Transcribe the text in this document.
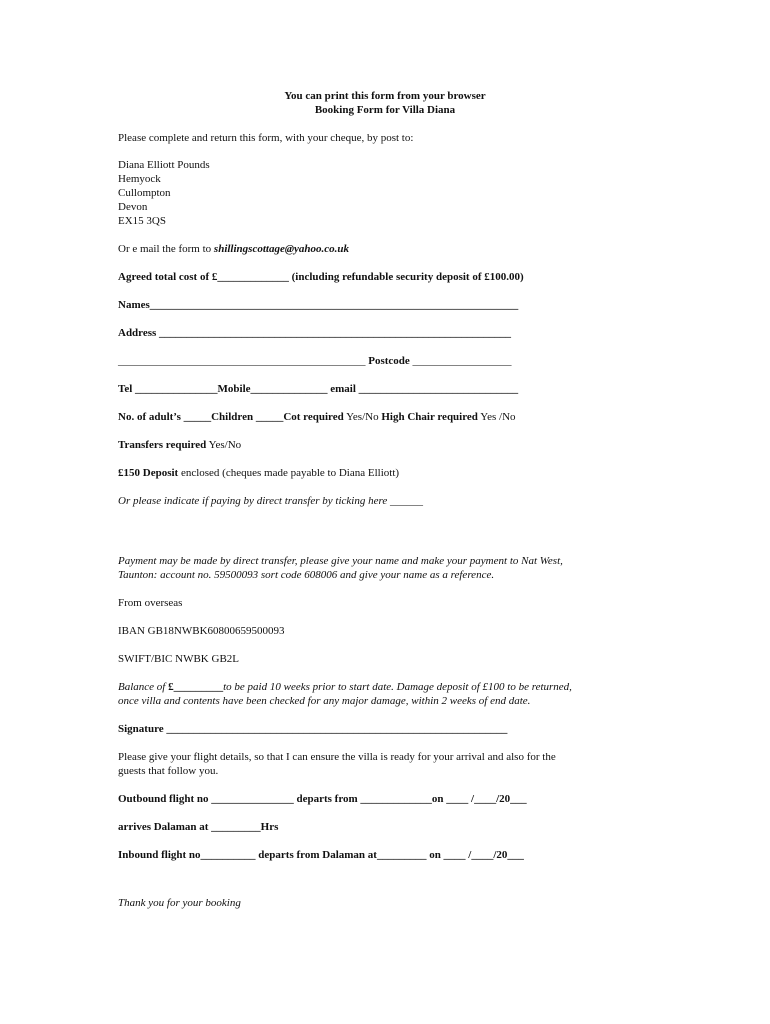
You can print this form from your browser
Booking Form for Villa Diana
Please complete and return this form, with your cheque, by post to:
Diana Elliott Pounds
Hemyock
Cullompton
Devon
EX15 3QS
Or e mail the form to shillingscottage@yahoo.co.uk
Agreed total cost of £_____________ (including refundable security deposit of £100.00)
Names___________________________________________________________________
Address ________________________________________________________________
_____________________________________________ Postcode __________________
Tel _______________Mobile______________ email _____________________________
No. of adult’s _____Children _____Cot required Yes/No High Chair required Yes /No
Transfers required Yes/No
£150 Deposit enclosed (cheques made payable to Diana Elliott)
Or please indicate if paying by direct transfer by ticking here ______
Payment may be made by direct transfer, please give your name and make your payment to Nat West,
Taunton: account no. 59500093 sort code 608006 and give your name as a reference.
From overseas
IBAN GB18NWBK60800659500093
SWIFT/BIC NWBK GB2L
Balance of £_________to be paid 10 weeks prior to start date. Damage deposit of £100 to be returned,
once villa and contents have been checked for any major damage, within 2 weeks of end date.
Signature ______________________________________________________________
Please give your flight details, so that I can ensure the villa is ready for your arrival and also for the
guests that follow you.
Outbound flight no _______________ departs from _____________on ____ /____/20___
arrives Dalaman at _________Hrs
Inbound flight no__________ departs from Dalaman at_________ on ____ /____/20___
Thank you for your booking
